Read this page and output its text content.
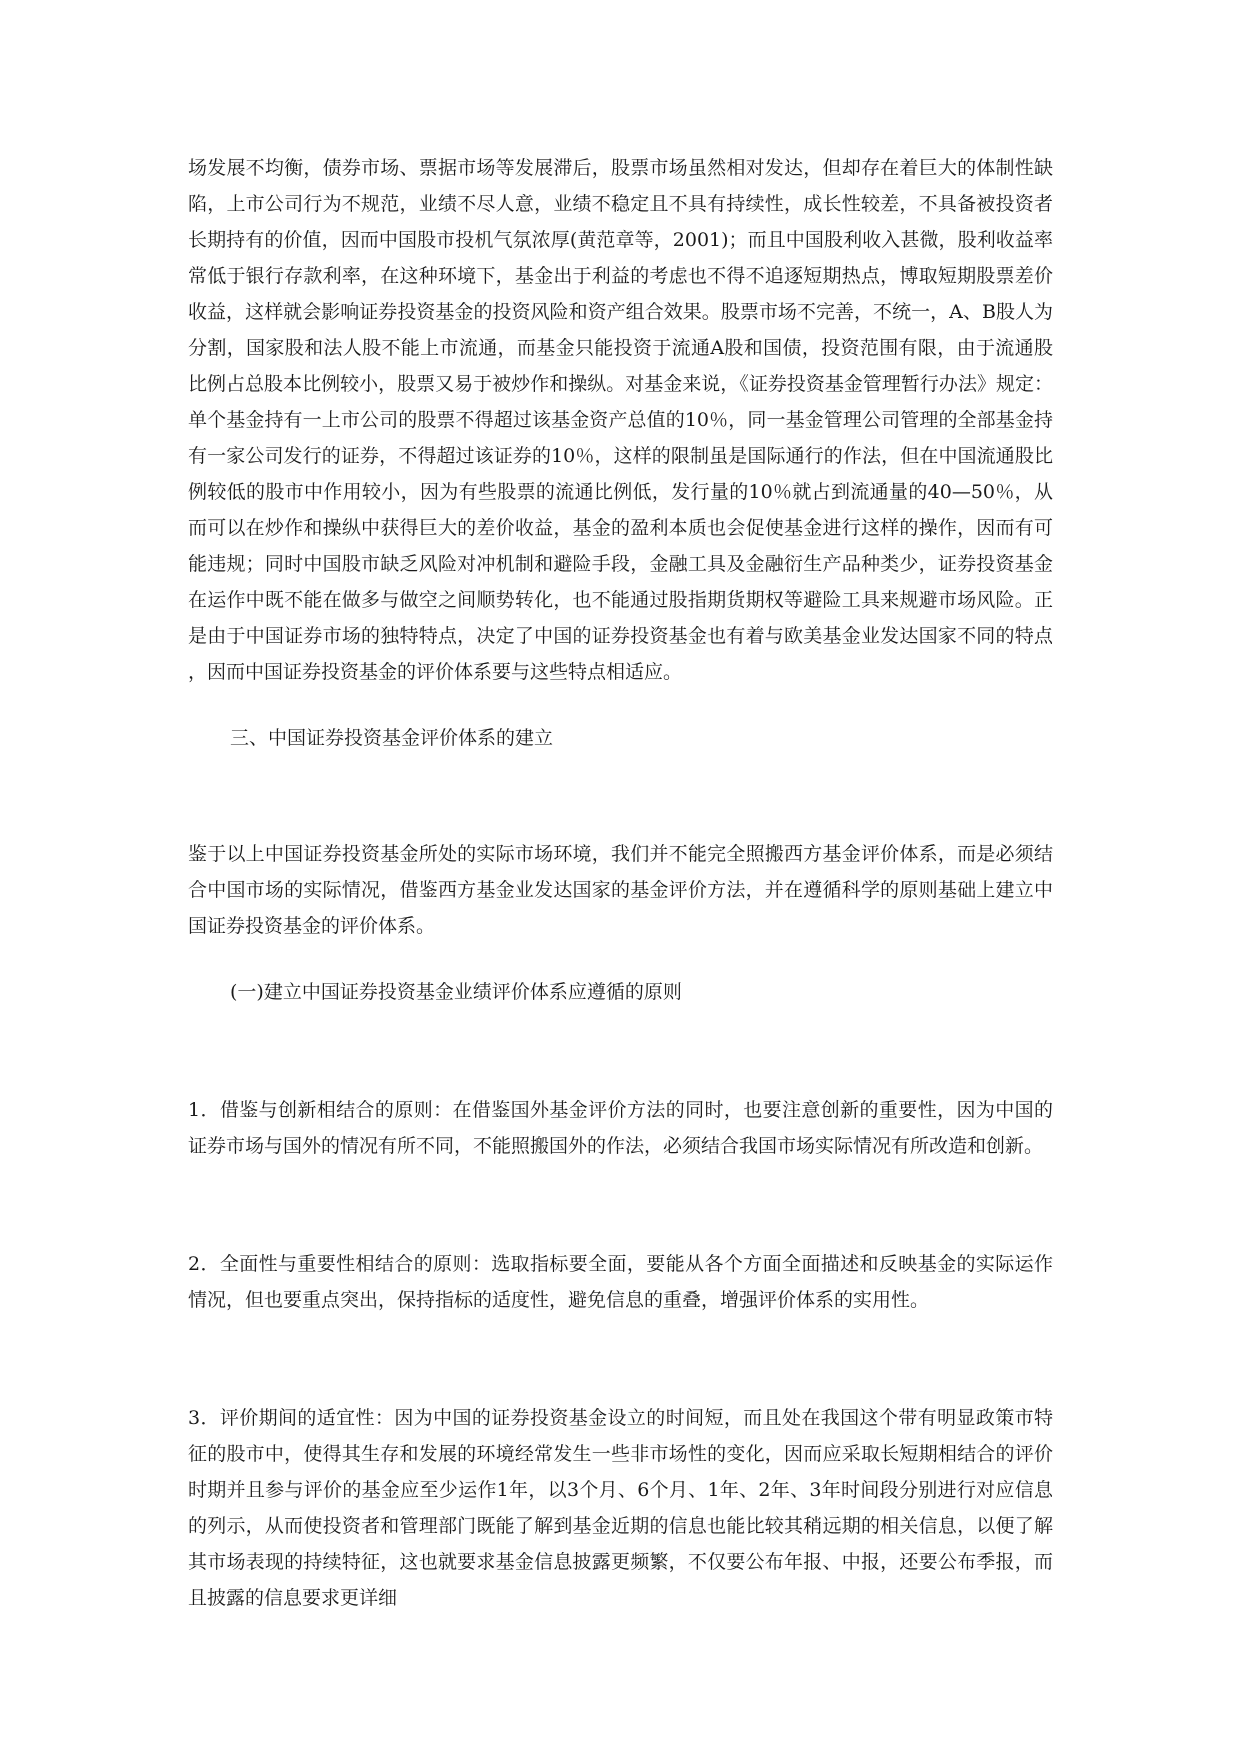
场发展不均衡，债券市场、票据市场等发展滞后，股票市场虽然相对发达，但却存在着巨大的体制性缺陷，上市公司行为不规范，业绩不尽人意，业绩不稳定且不具有持续性，成长性较差，不具备被投资者长期持有的价值，因而中国股市投机气氛浓厚(黄范章等，2001)；而且中国股利收入甚微，股利收益率常低于银行存款利率，在这种环境下，基金出于利益的考虑也不得不追逐短期热点，博取短期股票差价收益，这样就会影响证券投资基金的投资风险和资产组合效果。股票市场不完善，不统一，A、B股人为分割，国家股和法人股不能上市流通，而基金只能投资于流通A股和国债，投资范围有限，由于流通股比例占总股本比例较小，股票又易于被炒作和操纵。对基金来说，《证券投资基金管理暂行办法》规定：单个基金持有一上市公司的股票不得超过该基金资产总值的10％，同一基金管理公司管理的全部基金持有一家公司发行的证券，不得超过该证券的10％，这样的限制虽是国际通行的作法，但在中国流通股比例较低的股市中作用较小，因为有些股票的流通比例低，发行量的10％就占到流通量的40—50％，从而可以在炒作和操纵中获得巨大的差价收益，基金的盈利本质也会促使基金进行这样的操作，因而有可能违规；同时中国股市缺乏风险对冲机制和避险手段，金融工具及金融衍生产品种类少，证券投资基金在运作中既不能在做多与做空之间顺势转化，也不能通过股指期货期权等避险工具来规避市场风险。正是由于中国证券市场的独特特点，决定了中国的证券投资基金也有着与欧美基金业发达国家不同的特点，因而中国证券投资基金的评价体系要与这些特点相适应。

三、中国证券投资基金评价体系的建立

鉴于以上中国证券投资基金所处的实际市场环境，我们并不能完全照搬西方基金评价体系，而是必须结合中国市场的实际情况，借鉴西方基金业发达国家的基金评价方法，并在遵循科学的原则基础上建立中国证券投资基金的评价体系。

(一)建立中国证券投资基金业绩评价体系应遵循的原则

1．借鉴与创新相结合的原则：在借鉴国外基金评价方法的同时，也要注意创新的重要性，因为中国的证券市场与国外的情况有所不同，不能照搬国外的作法，必须结合我国市场实际情况有所改造和创新。

2．全面性与重要性相结合的原则：选取指标要全面，要能从各个方面全面描述和反映基金的实际运作情况，但也要重点突出，保持指标的适度性，避免信息的重叠，增强评价体系的实用性。

3．评价期间的适宜性：因为中国的证券投资基金设立的时间短，而且处在我国这个带有明显政策市特征的股市中，使得其生存和发展的环境经常发生一些非市场性的变化，因而应采取长短期相结合的评价时期并且参与评价的基金应至少运作1年，以3个月、6个月、1年、2年、3年时间段分别进行对应信息的列示，从而使投资者和管理部门既能了解到基金近期的信息也能比较其稍远期的相关信息，以便了解其市场表现的持续特征，这也就要求基金信息披露更频繁，不仅要公布年报、中报，还要公布季报，而且披露的信息要求更详细
